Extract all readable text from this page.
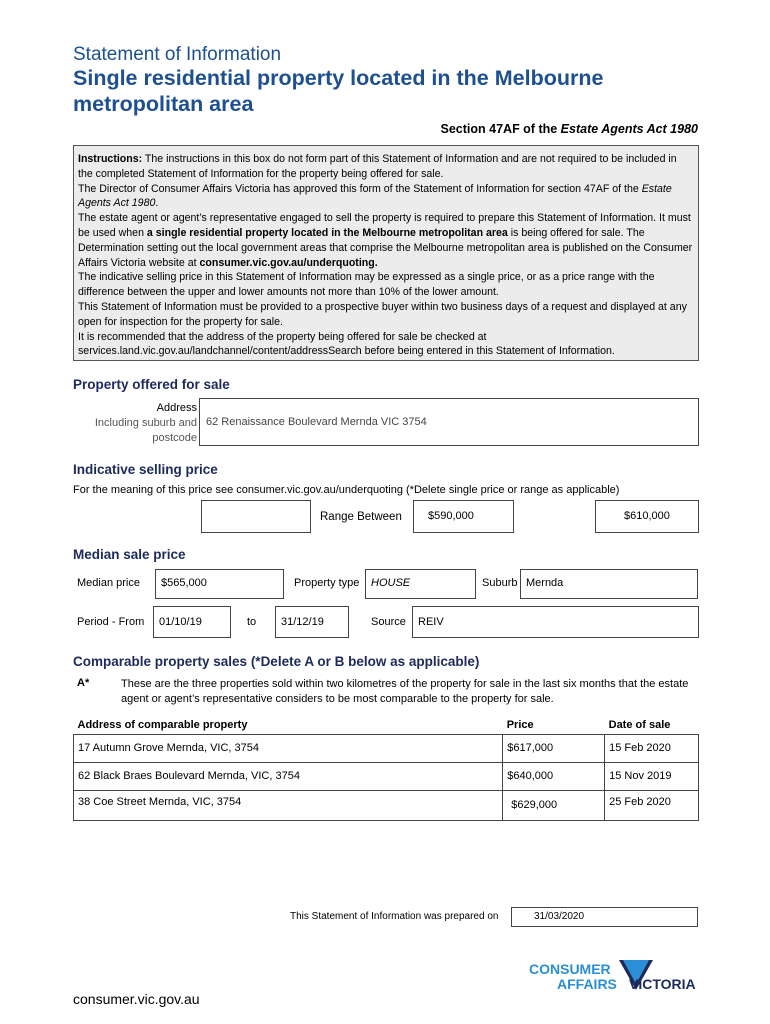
Statement of Information
Single residential property located in the Melbourne metropolitan area
Section 47AF of the Estate Agents Act 1980

Instructions: The instructions in this box do not form part of this Statement of Information and are not required to be included in the completed Statement of Information for the property being offered for sale.

The Director of Consumer Affairs Victoria has approved this form of the Statement of Information for section 47AF of the Estate Agents Act 1980.

The estate agent or agent’s representative engaged to sell the property is required to prepare this Statement of Information. It must be used when a single residential property located in the Melbourne metropolitan area is being offered for sale. The Determination setting out the local government areas that comprise the Melbourne metropolitan area is published on the Consumer Affairs Victoria website at consumer.vic.gov.au/underquoting.

The indicative selling price in this Statement of Information may be expressed as a single price, or as a price range with the difference between the upper and lower amounts not more than 10% of the lower amount.

This Statement of Information must be provided to a prospective buyer within two business days of a request and displayed at any open for inspection for the property for sale.

It is recommended that the address of the property being offered for sale be checked at services.land.vic.gov.au/landchannel/content/addressSearch before being entered in this Statement of Information.

Property offered for sale
Address
Including suburb and
postcode
62 Renaissance Boulevard Mernda VIC 3754
Indicative selling price
For the meaning of this price see consumer.vic.gov.au/underquoting (*Delete single price or range as applicable)
Range Between	$590,000	$610,000
Median sale price
Median price	$565,000	Property type	HOUSE	Suburb Mernda
Period - From	01/10/19	to	31/12/19	Source	REIV
Comparable property sales (*Delete A or B below as applicable)
A*	These are the three properties sold within two kilometres of the property for sale in the last six months that the estate agent or agent’s representative considers to be most comparable to the property for sale.
Address of comparable property	Price	Date of sale
17 Autumn Grove Mernda, VIC, 3754	$617,000	15 Feb 2020
62 Black Braes Boulevard Mernda, VIC, 3754	$640,000	15 Nov 2019
38 Coe Street Mernda, VIC, 3754	$629,000	25 Feb 2020
This Statement of Information was prepared on	31/03/2020
CONSUMER
AFFAIRS VICTORIA
consumer.vic.gov.au
